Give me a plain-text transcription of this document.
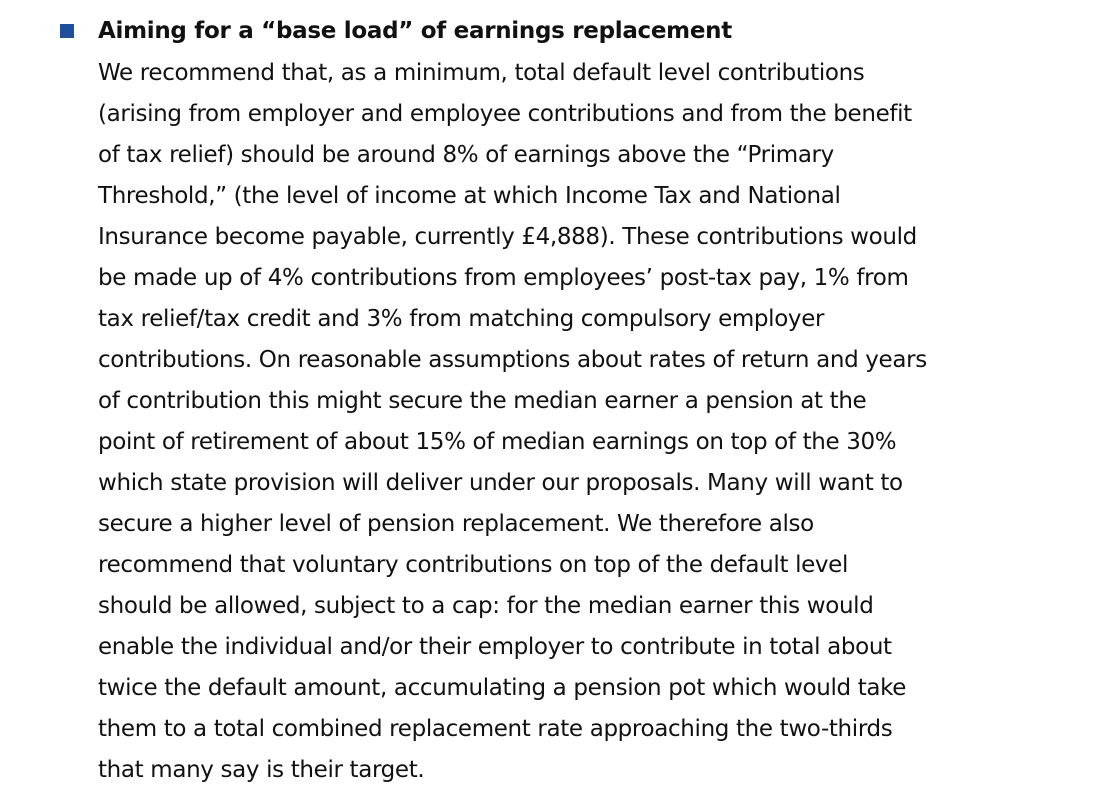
Aiming for a “base load” of earnings replacement
We recommend that, as a minimum, total default level contributions
(arising from employer and employee contributions and from the benefit
of tax relief) should be around 8% of earnings above the “Primary
Threshold,” (the level of income at which Income Tax and National
Insurance become payable, currently £4,888). These contributions would
be made up of 4% contributions from employees’ post-tax pay, 1% from
tax relief/tax credit and 3% from matching compulsory employer
contributions. On reasonable assumptions about rates of return and years
of contribution this might secure the median earner a pension at the
point of retirement of about 15% of median earnings on top of the 30%
which state provision will deliver under our proposals. Many will want to
secure a higher level of pension replacement. We therefore also
recommend that voluntary contributions on top of the default level
should be allowed, subject to a cap: for the median earner this would
enable the individual and/or their employer to contribute in total about
twice the default amount, accumulating a pension pot which would take
them to a total combined replacement rate approaching the two-thirds
that many say is their target.
